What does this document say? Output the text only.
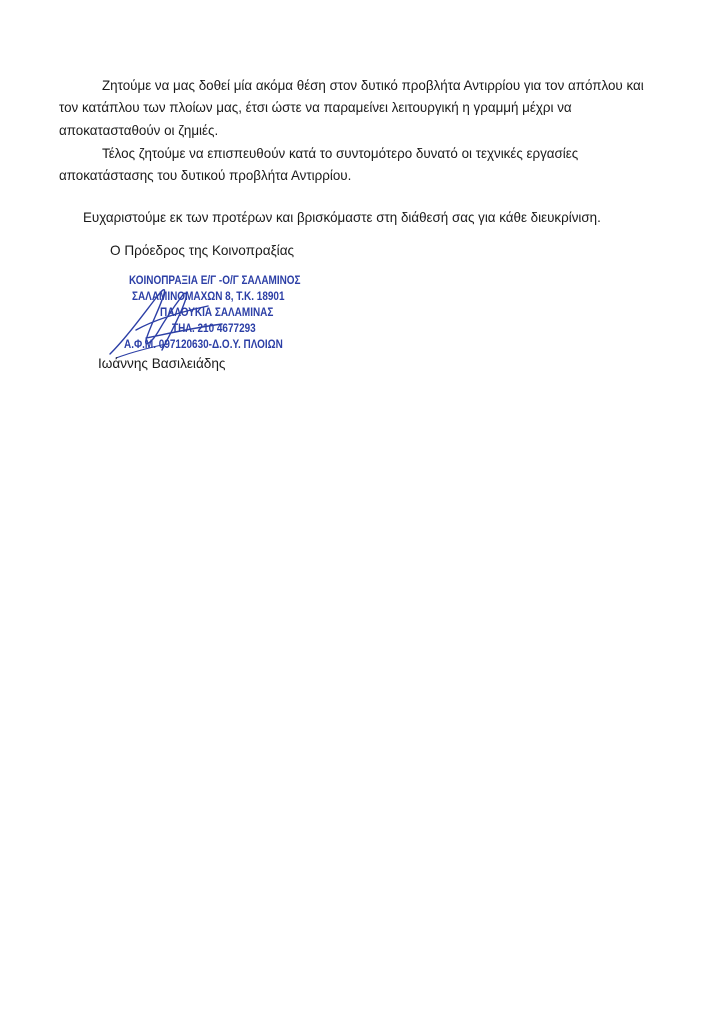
Ζητούμε να μας δοθεί μία ακόμα θέση στον δυτικό προβλήτα Αντιρρίου για τον απόπλου και τον κατάπλου των πλοίων μας, έτσι ώστε να παραμείνει λειτουργική η γραμμή μέχρι να αποκατασταθούν οι ζημιές.

Τέλος ζητούμε να επισπευθούν κατά το συντομότερο δυνατό οι τεχνικές εργασίες αποκατάστασης του δυτικού προβλήτα Αντιρρίου.

Ευχαριστούμε εκ των προτέρων και βρισκόμαστε στη διάθεσή σας για κάθε διευκρίνιση.

Ο Πρόεδρος της Κοινοπραξίας

ΚΟΙΝΟΠΡΑΞΙΑ Ε/Γ -Ο/Γ ΣΑΛΑΜΙΝΟΣ
ΣΑΛΑΜΙΝΟΜΑΧΩΝ 8, Τ.Κ. 18901
ΠΑΛΟΥΚΙΑ ΣΑΛΑΜΙΝΑΣ
ΤΗΛ. 210 4677293
Α.Φ.Μ. 097120630-Δ.Ο.Υ. ΠΛΟΙΩΝ

Ιωάννης Βασιλειάδης
